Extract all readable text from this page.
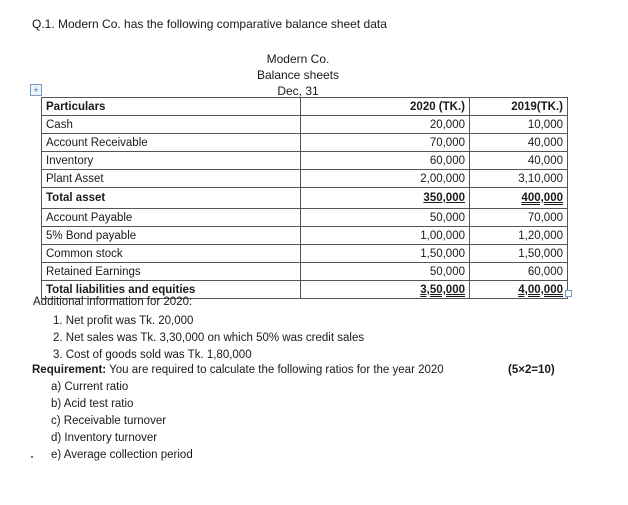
Q.1. Modern Co. has the following comparative balance sheet data
Modern Co.
Balance sheets
Dec, 31
+
Particulars	2020 (TK.)	2019(TK.)
Cash	20,000	10,000
Account Receivable	70,000	40,000
Inventory	60,000	40,000
Plant Asset	2,00,000	3,10,000
Total asset	350,000	400,000
Account Payable	50,000	70,000
5% Bond payable	1,00,000	1,20,000
Common stock	1,50,000	1,50,000
Retained Earnings	50,000	60,000
Total liabilities and equities	3,50,000	4,00,000
Additional information for 2020:
1. Net profit was Tk. 20,000
2. Net sales was Tk. 3,30,000 on which 50% was credit sales
3. Cost of goods sold was Tk. 1,80,000
Requirement: You are required to calculate the following ratios for the year 2020	(5×2=10)
a) Current ratio
b) Acid test ratio
c) Receivable turnover
d) Inventory turnover
e) Average collection period
